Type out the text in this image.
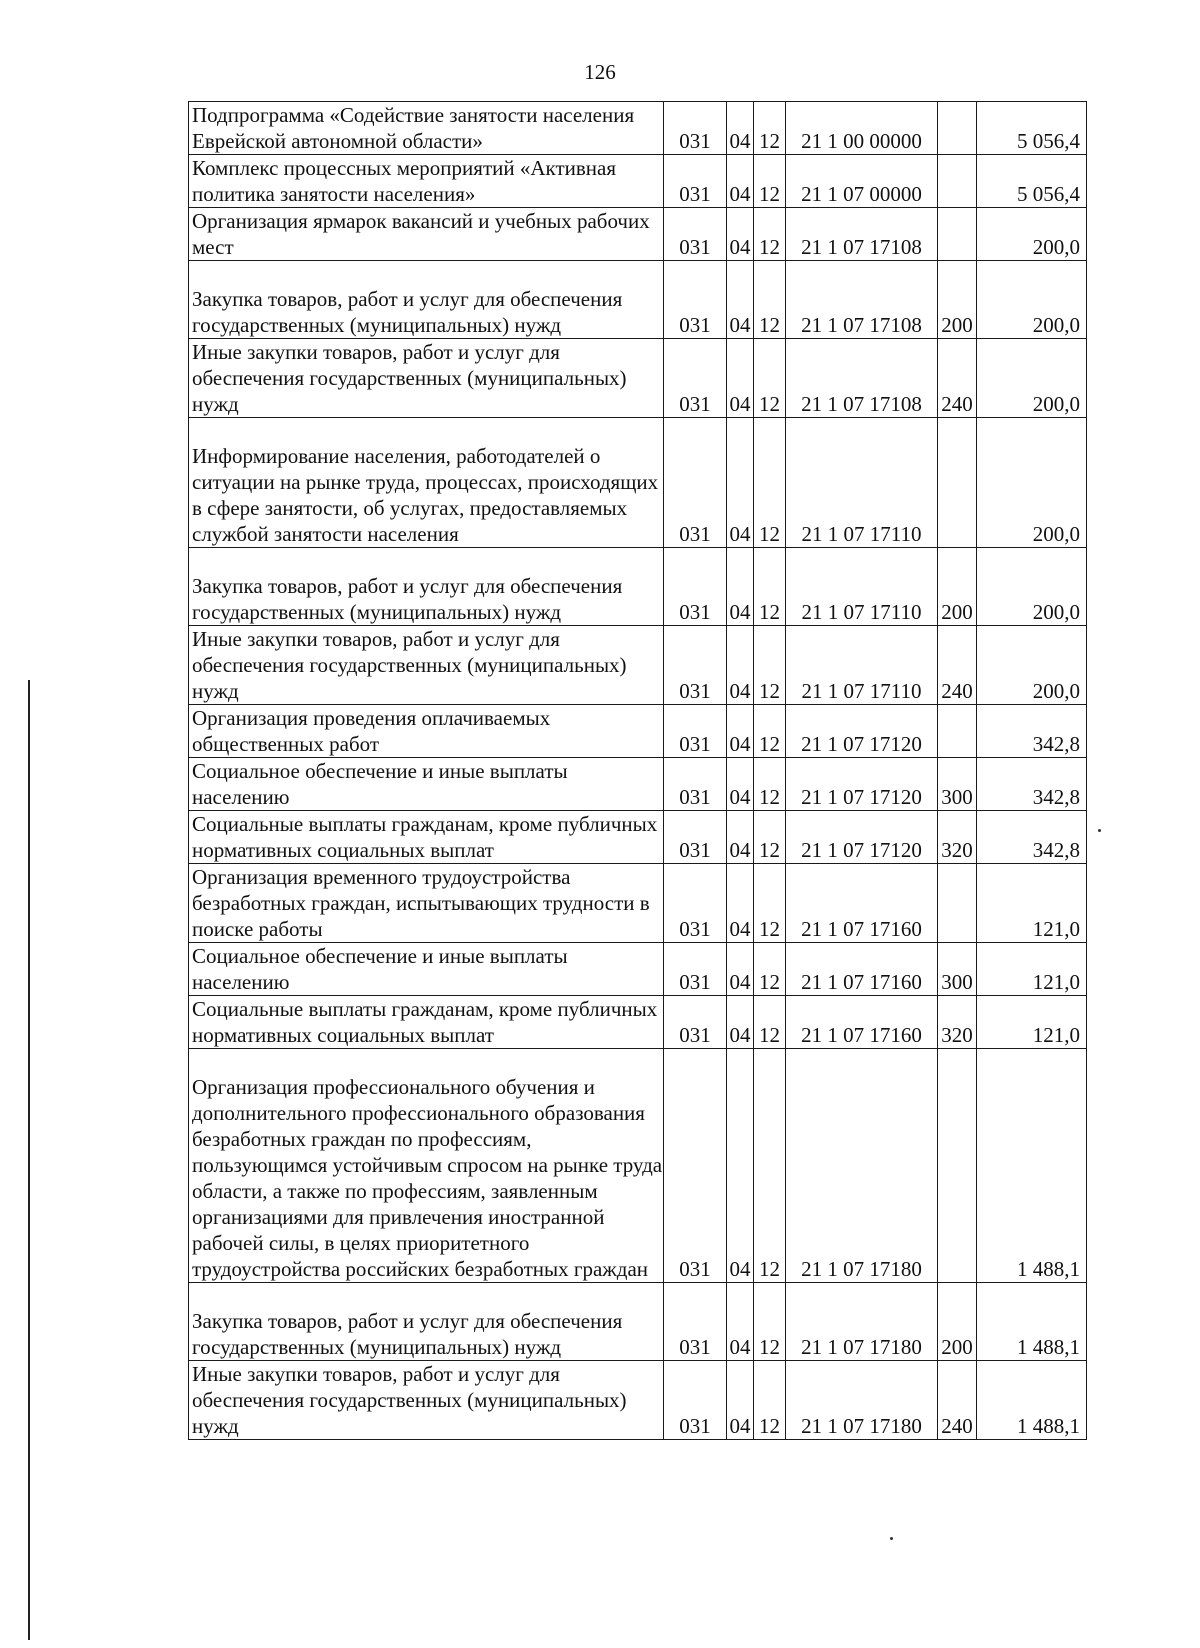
126
Подпрограмма «Содействие занятости населения Еврейской автономной области»	031	04	12	21 1 00 00000		5 056,4
Комплекс процессных мероприятий «Активная политика занятости населения»	031	04	12	21 1 07 00000		5 056,4
Организация ярмарок вакансий и учебных рабочих мест	031	04	12	21 1 07 17108		200,0
Закупка товаров, работ и услуг для обеспечения государственных (муниципальных) нужд	031	04	12	21 1 07 17108	200	200,0
Иные закупки товаров, работ и услуг для обеспечения государственных (муниципальных) нужд	031	04	12	21 1 07 17108	240	200,0
Информирование населения, работодателей о ситуации на рынке труда, процессах, происходящих в сфере занятости, об услугах, предоставляемых службой занятости населения	031	04	12	21 1 07 17110		200,0
Закупка товаров, работ и услуг для обеспечения государственных (муниципальных) нужд	031	04	12	21 1 07 17110	200	200,0
Иные закупки товаров, работ и услуг для обеспечения государственных (муниципальных) нужд	031	04	12	21 1 07 17110	240	200,0
Организация проведения оплачиваемых общественных работ	031	04	12	21 1 07 17120		342,8
Социальное обеспечение и иные выплаты населению	031	04	12	21 1 07 17120	300	342,8
Социальные выплаты гражданам, кроме публичных нормативных социальных выплат	031	04	12	21 1 07 17120	320	342,8
Организация временного трудоустройства безработных граждан, испытывающих трудности в поиске работы	031	04	12	21 1 07 17160		121,0
Социальное обеспечение и иные выплаты населению	031	04	12	21 1 07 17160	300	121,0
Социальные выплаты гражданам, кроме публичных нормативных социальных выплат	031	04	12	21 1 07 17160	320	121,0
Организация профессионального обучения и дополнительного профессионального образования безработных граждан по профессиям, пользующимся устойчивым спросом на рынке труда области, а также по профессиям, заявленным организациями для привлечения иностранной рабочей силы, в целях приоритетного трудоустройства российских безработных граждан	031	04	12	21 1 07 17180		1 488,1
Закупка товаров, работ и услуг для обеспечения государственных (муниципальных) нужд	031	04	12	21 1 07 17180	200	1 488,1
Иные закупки товаров, работ и услуг для обеспечения государственных (муниципальных) нужд	031	04	12	21 1 07 17180	240	1 488,1
